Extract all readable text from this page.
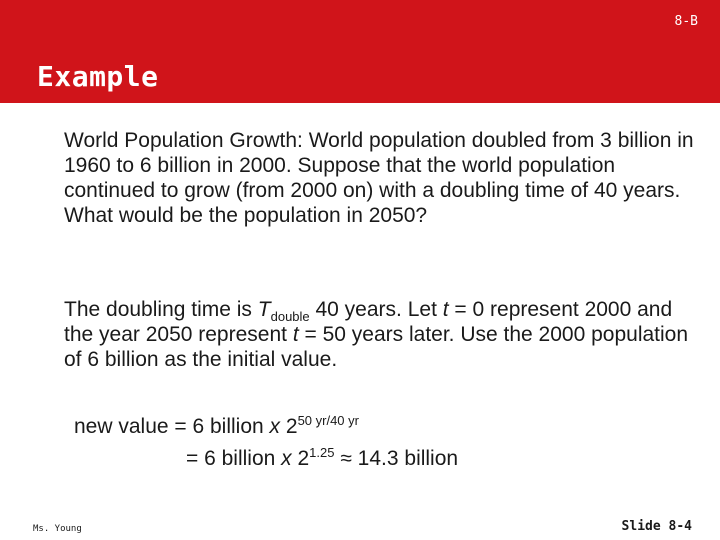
8-B
Example
World Population Growth: World population doubled from 3 billion in 1960 to 6 billion in 2000. Suppose that the world population continued to grow (from 2000 on) with a doubling time of 40 years. What would be the population in 2050?
The doubling time is $T_{double}$ 40 years. Let t = 0 represent 2000 and the year 2050 represent t = 50 years later. Use the 2000 population of 6 billion as the initial value.
new value = 6 billion x $2^{50 yr/40 yr}$
= 6 billion x $2^{1.25} \approx 14.3$ billion
Ms. Young	Slide 8-4
